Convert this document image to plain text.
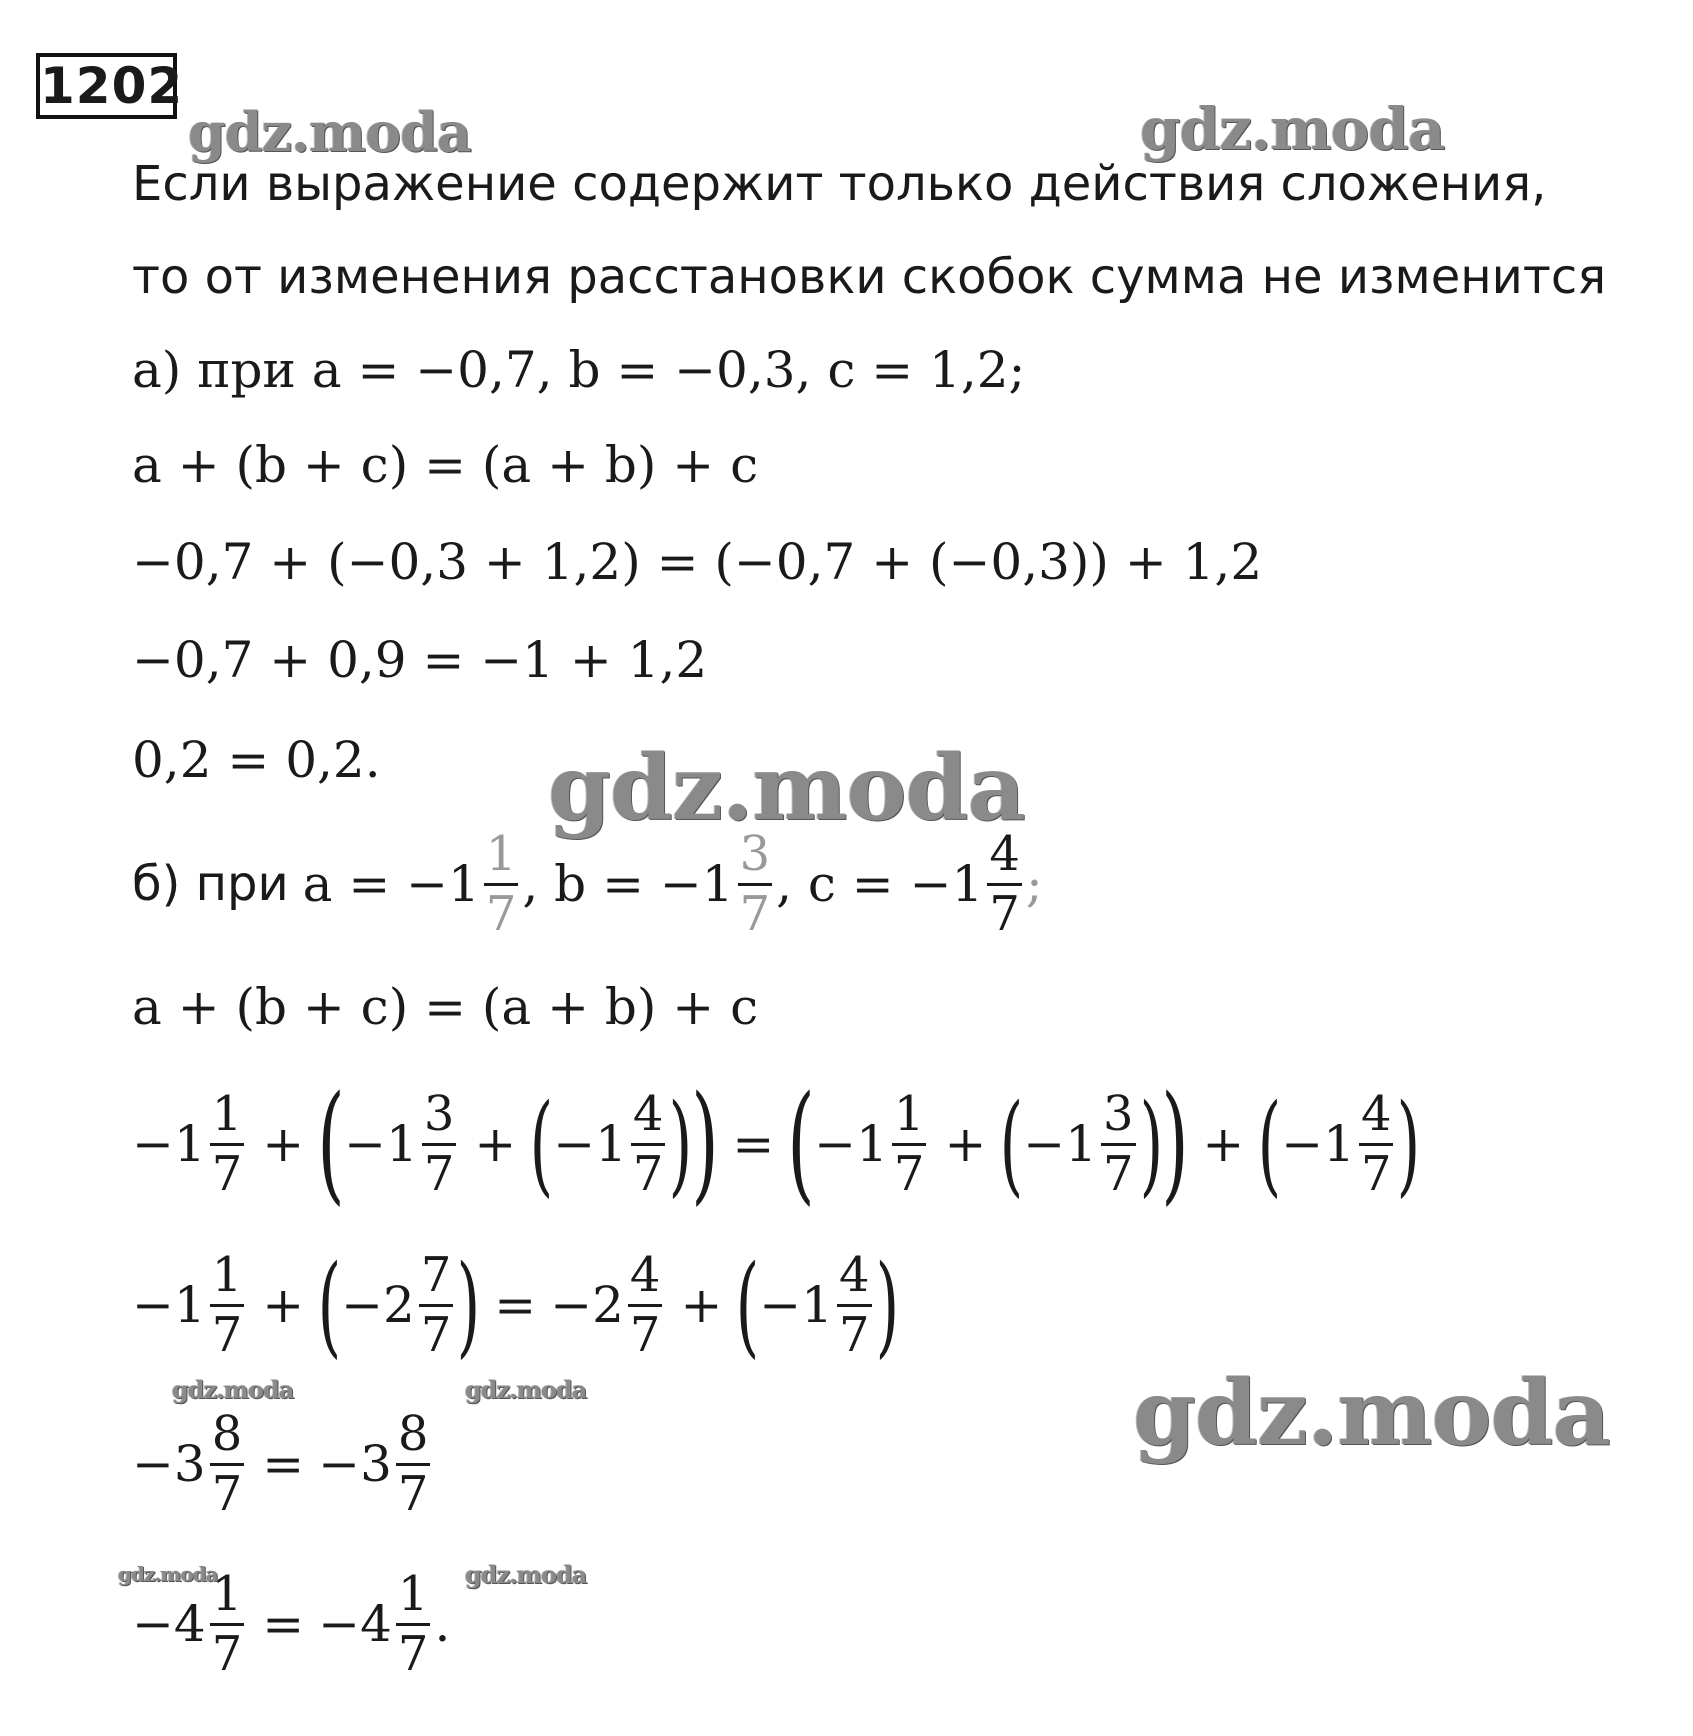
1202
gdz.moda	gdz.moda
gdz.moda
gdz.moda
gdz.moda	gdz.moda
gdz.moda	gdz.moda
Если выражение содержит только действия сложения,
то от изменения расстановки скобок сумма не изменится
а) при a = −0,7, b = −0,3, c = 1,2;
a + (b + c) = (a + b) + c
−0,7 + (−0,3 + 1,2) = (−0,7 + (−0,3)) + 1,2
−0,7 + 0,9 = −1 + 1,2
0,2 = 0,2.
б) при $a = -1 \frac{1}{7}$ , $b = -1 \frac{3}{7}$ , $c = -1 \frac{4}{7}$ ;
a + (b + c) = (a + b) + c
$-1 \frac{1}{7}$ + ( $-1 \frac{3}{7}$ + ( $-1 \frac{4}{7}$ )
) = ( $-1 \frac{1}{7}$ + ( $-1 \frac{3}{7}$ )
) + ( $-1 \frac{4}{7}$ )
$-1 \frac{1}{7}$ + ( $-2 \frac{7}{7}$ ) = $-2 \frac{4}{7}$ + ( $-1 \frac{4}{7}$ )
$-3 \frac{8}{7} = -3 \frac{8}{7}$
$-4 \frac{1}{7} = -4 \frac{1}{7}$ .
